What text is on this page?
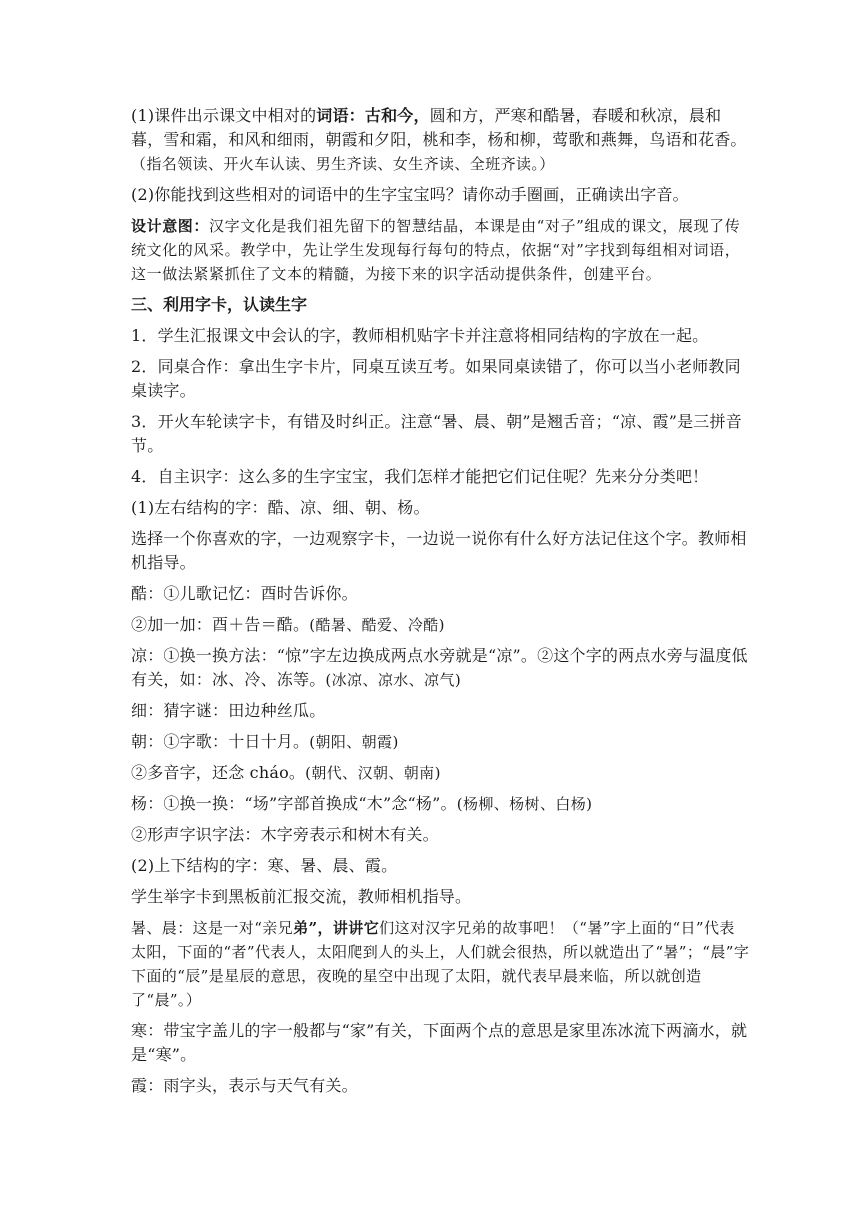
(1)课件出示课文中相对的词语：古和今，圆和方，严寒和酷暑，春暖和秋凉，晨和暮，雪和霜，和风和细雨，朝霞和夕阳，桃和李，杨和柳，莺歌和燕舞，鸟语和花香。（指名领读、开火车认读、男生齐读、女生齐读、全班齐读。）

(2)你能找到这些相对的词语中的生字宝宝吗？请你动手圈画，正确读出字音。

设计意图：汉字文化是我们祖先留下的智慧结晶，本课是由“对子”组成的课文，展现了传统文化的风采。教学中，先让学生发现每行每句的特点，依据“对”字找到每组相对词语，这一做法紧紧抓住了文本的精髓，为接下来的识字活动提供条件，创建平台。

三、利用字卡，认读生字

1．学生汇报课文中会认的字，教师相机贴字卡并注意将相同结构的字放在一起。

2．同桌合作：拿出生字卡片，同桌互读互考。如果同桌读错了，你可以当小老师教同桌读字。

3．开火车轮读字卡，有错及时纠正。注意“暑、晨、朝”是翘舌音；“凉、霞”是三拼音节。

4．自主识字：这么多的生字宝宝，我们怎样才能把它们记住呢？先来分分类吧！

(1)左右结构的字：酷、凉、细、朝、杨。

选择一个你喜欢的字，一边观察字卡，一边说一说你有什么好方法记住这个字。教师相机指导。

酷：①儿歌记忆：酉时告诉你。

②加一加：酉＋告＝酷。(酷暑、酷爱、冷酷)

凉：①换一换方法：“惊”字左边换成两点水旁就是“凉”。②这个字的两点水旁与温度低有关，如：冰、冷、冻等。(冰凉、凉水、凉气)

细：猜字谜：田边种丝瓜。

朝：①字歌：十日十月。(朝阳、朝霞)

②多音字，还念 cháo。(朝代、汉朝、朝南)

杨：①换一换：“场”字部首换成“木”念“杨”。(杨柳、杨树、白杨)

②形声字识字法：木字旁表示和树木有关。

(2)上下结构的字：寒、暑、晨、霞。

学生举字卡到黑板前汇报交流，教师相机指导。

暑、晨：这是一对“亲兄弟”，讲讲它们这对汉字兄弟的故事吧！（“暑”字上面的“日”代表太阳，下面的“者”代表人，太阳爬到人的头上，人们就会很热，所以就造出了“暑”；“晨”字下面的“辰”是星辰的意思，夜晚的星空中出现了太阳，就代表早晨来临，所以就创造了“晨”。）

寒：带宝字盖儿的字一般都与“家”有关，下面两个点的意思是家里冻冰流下两滴水，就是“寒”。

霞：雨字头，表示与天气有关。
